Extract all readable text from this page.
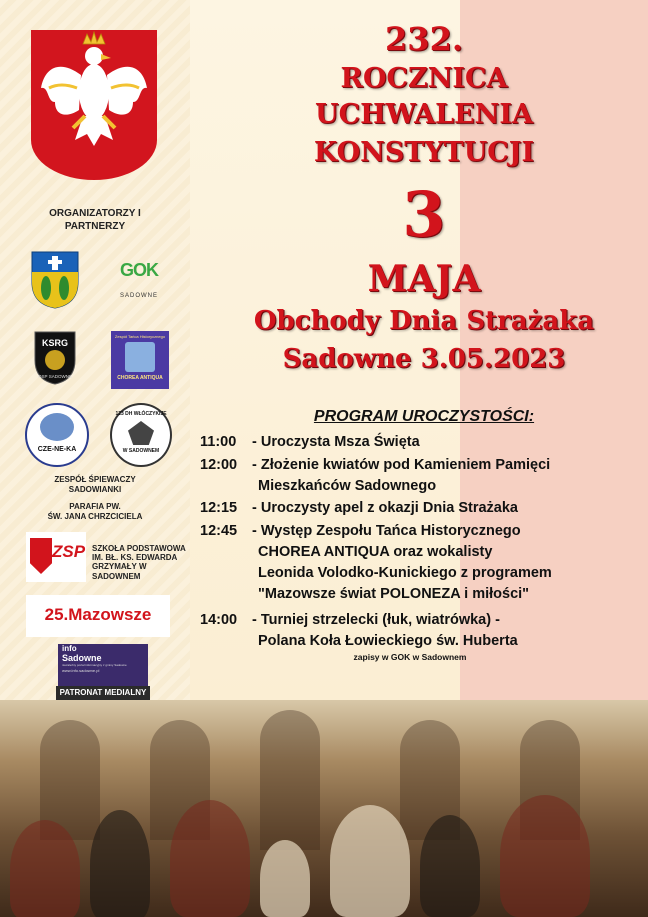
ORGANIZATORZY I PARTNERZY
GOK
SADOWNE
KSRG
OSP SADOWNE
Zespół Tańca Historycznego
CHOREA ANTIQUA
CZE-NE-KA
123 DH WŁÓCZYKIJE
W SADOWNEM
ZESPÓŁ ŚPIEWACZY SADOWIANKI
PARAFIA PW.
ŚW. JANA CHRZCICIELA
ZSP SZKOŁA PODSTAWOWA
IM. BŁ. KS. EDWARDA
GRZYMAŁY W SADOWNEM
25.Mazowsze
info
Sadowne
niezależny portal informacyjny z gminy Sadowne
www.info.sadowne.pl
PATRONAT MEDIALNY
232.
ROCZNICA
UCHWALENIA
KONSTYTUCJI
3
MAJA
Obchody Dnia Strażaka
Sadowne 3.05.2023
PROGRAM UROCZYSTOŚCI:
11:00 - Uroczysta Msza Święta
12:00 - Złożenie kwiatów pod Kamieniem Pamięci
Mieszkańców Sadownego
12:15 - Uroczysty apel z okazji Dnia Strażaka
12:45 - Występ Zespołu Tańca Historycznego
CHOREA ANTIQUA oraz wokalisty
Leonida Volodko-Kunickiego z programem
"Mazowsze świat POLONEZA i miłości"
14:00 - Turniej strzelecki (łuk, wiatrówka) -
Polana Koła Łowieckiego św. Huberta
zapisy w GOK w Sadownem
